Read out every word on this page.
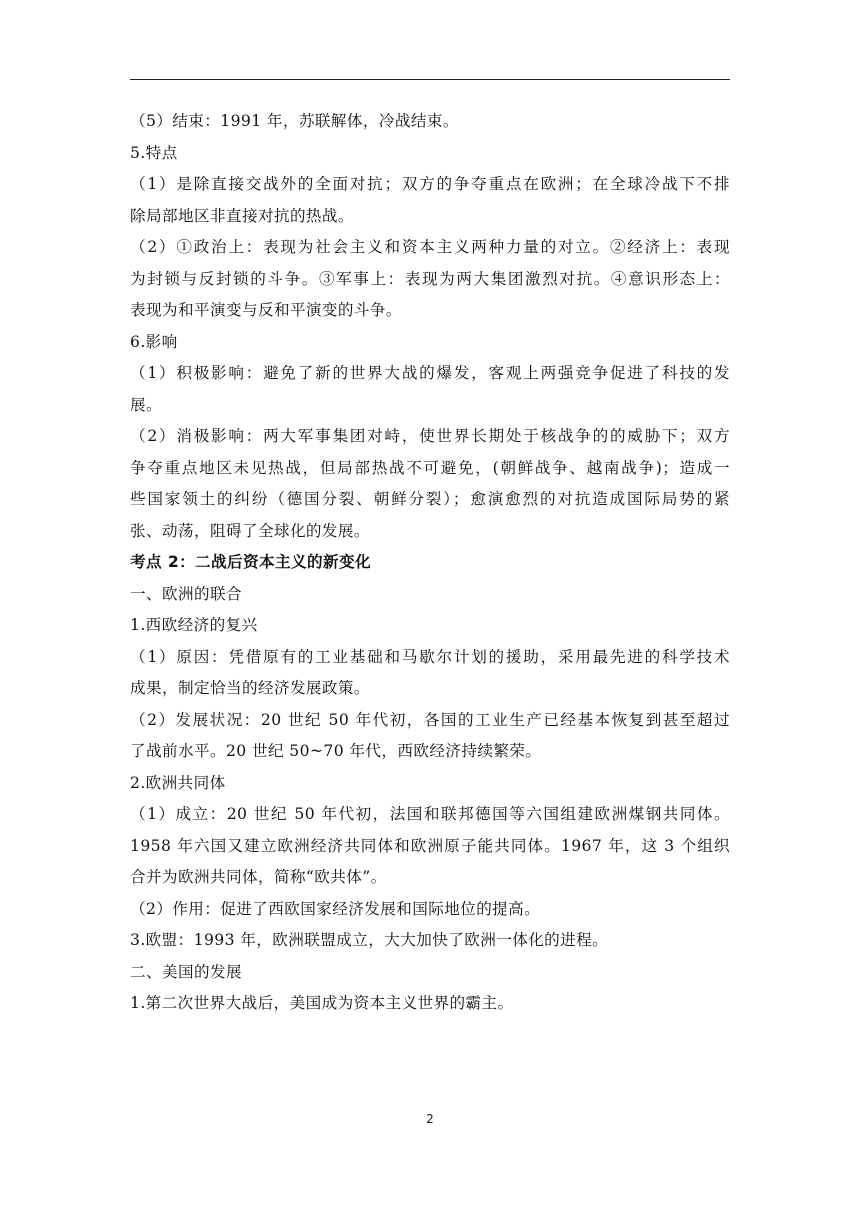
（5）结束：1991 年，苏联解体，冷战结束。
5.特点
（1）是除直接交战外的全面对抗；双方的争夺重点在欧洲；在全球冷战下不排
除局部地区非直接对抗的热战。
（2）①政治上：表现为社会主义和资本主义两种力量的对立。②经济上：表现
为封锁与反封锁的斗争。③军事上：表现为两大集团激烈对抗。④意识形态上：
表现为和平演变与反和平演变的斗争。
6.影响
（1）积极影响：避免了新的世界大战的爆发，客观上两强竞争促进了科技的发
展。
（2）消极影响：两大军事集团对峙，使世界长期处于核战争的的威胁下；双方
争夺重点地区未见热战，但局部热战不可避免，(朝鲜战争、越南战争)；造成一
些国家领土的纠纷（德国分裂、朝鲜分裂）；愈演愈烈的对抗造成国际局势的紧
张、动荡，阻碍了全球化的发展。
考点 2：二战后资本主义的新变化
一、欧洲的联合
1.西欧经济的复兴
（1）原因：凭借原有的工业基础和马歇尔计划的援助，采用最先进的科学技术
成果，制定恰当的经济发展政策。
（2）发展状况：20 世纪 50 年代初，各国的工业生产已经基本恢复到甚至超过
了战前水平。20 世纪 50~70 年代，西欧经济持续繁荣。
2.欧洲共同体
（1）成立：20 世纪 50 年代初，法国和联邦德国等六国组建欧洲煤钢共同体。
1958 年六国又建立欧洲经济共同体和欧洲原子能共同体。1967 年，这 3 个组织
合并为欧洲共同体，简称“欧共体”。
（2）作用：促进了西欧国家经济发展和国际地位的提高。
3.欧盟：1993 年，欧洲联盟成立，大大加快了欧洲一体化的进程。
二、美国的发展
1.第二次世界大战后，美国成为资本主义世界的霸主。
2
